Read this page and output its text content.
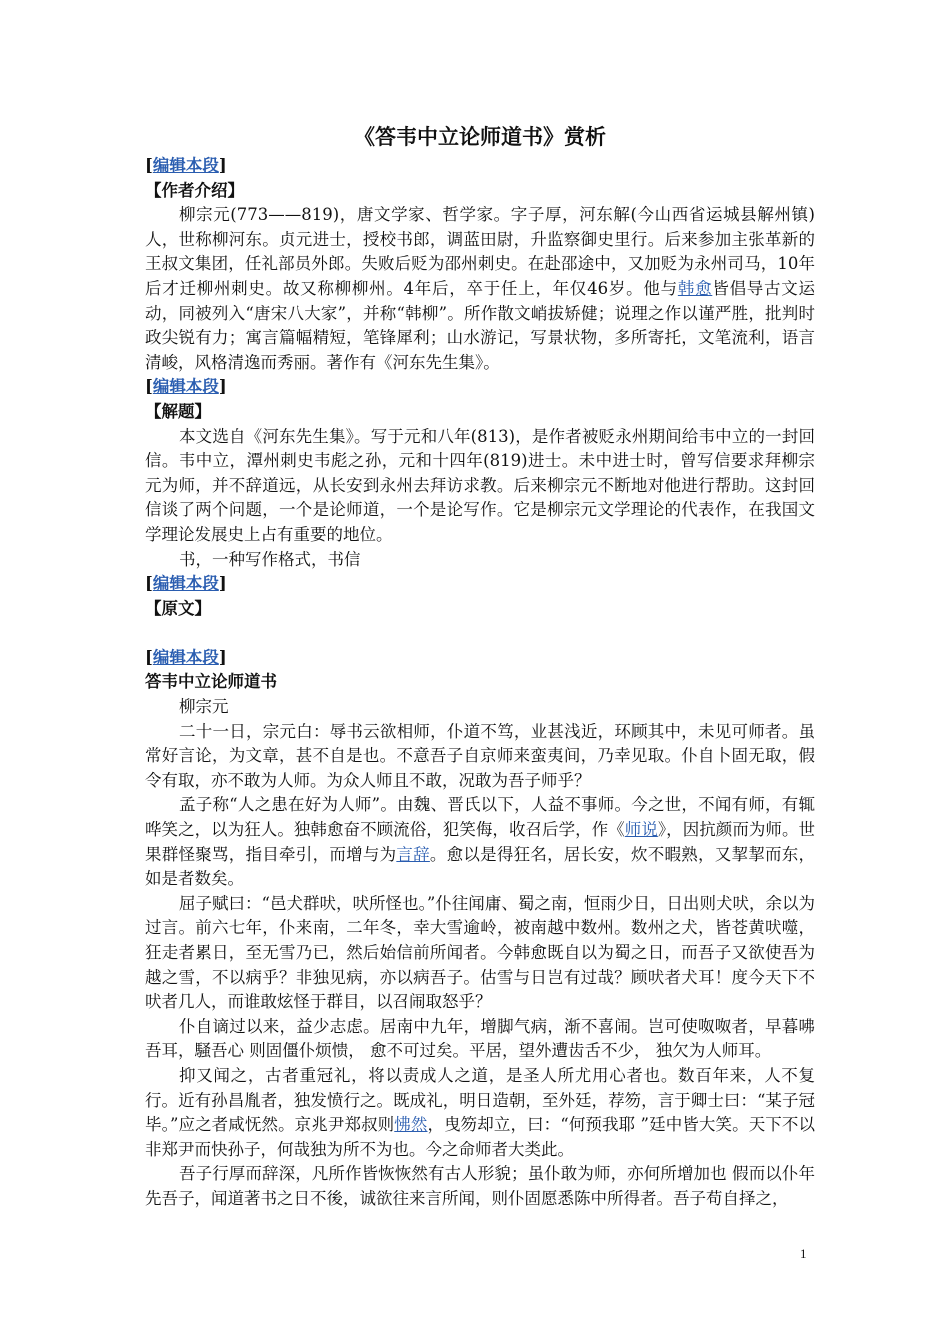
《答韦中立论师道书》赏析
[编辑本段]
【作者介绍】

柳宗元(773——819)，唐文学家、哲学家。字子厚，河东解(今山西省运城县解州镇)人，世称柳河东。贞元进士，授校书郎，调蓝田尉，升监察御史里行。后来参加主张革新的王叔文集团，任礼部员外郎。失败后贬为邵州刺史。在赴邵途中，又加贬为永州司马，10年后才迁柳州刺史。故又称柳柳州。4年后，卒于任上，年仅46岁。他与韩愈皆倡导古文运动，同被列入“唐宋八大家”，并称“韩柳”。所作散文峭拔矫健；说理之作以谨严胜，批判时政尖锐有力；寓言篇幅精短，笔锋犀利；山水游记，写景状物，多所寄托，文笔流利，语言清峻，风格清逸而秀丽。著作有《河东先生集》。

[编辑本段]
【解题】

本文选自《河东先生集》。写于元和八年(813)，是作者被贬永州期间给韦中立的一封回信。韦中立，潭州刺史韦彪之孙，元和十四年(819)进士。未中进士时，曾写信要求拜柳宗元为师，并不辞道远，从长安到永州去拜访求教。后来柳宗元不断地对他进行帮助。这封回信谈了两个问题，一个是论师道，一个是论写作。它是柳宗元文学理论的代表作，在我国文学理论发展史上占有重要的地位。

书，一种写作格式，书信

[编辑本段]
【原文】
[编辑本段]
答韦中立论师道书

柳宗元

二十一日，宗元白：辱书云欲相师，仆道不笃，业甚浅近，环顾其中，未见可师者。虽常好言论，为文章，甚不自是也。不意吾子自京师来蛮夷间，乃幸见取。仆自卜固无取，假令有取，亦不敢为人师。为众人师且不敢，况敢为吾子师乎？

孟子称“人之患在好为人师”。由魏、晋氏以下，人益不事师。今之世，不闻有师，有辄哗笑之，以为狂人。独韩愈奋不顾流俗，犯笑侮，收召后学，作《师说》，因抗颜而为师。世果群怪聚骂，指目牵引，而增与为言辞。愈以是得狂名，居长安，炊不暇熟，又挈挈而东，如是者数矣。

屈子赋曰：“邑犬群吠，吠所怪也。”仆往闻庸、蜀之南，恒雨少日，日出则犬吠，余以为过言。前六七年，仆来南，二年冬，幸大雪逾岭，被南越中数州。数州之犬，皆苍黄吠噬，狂走者累日，至无雪乃已，然后始信前所闻者。今韩愈既自以为蜀之日，而吾子又欲使吾为越之雪，不以病乎？非独见病，亦以病吾子。估雪与日岂有过哉？顾吠者犬耳！度今天下不吠者几人，而谁敢炫怪于群目，以召闹取怒乎？

仆自谪过以来，益少志虑。居南中九年，增脚气病，渐不喜闹。岂可使呶呶者，早暮咈吾耳，騒吾心 则固僵仆烦愦， 愈不可过矣。平居，望外遭齿舌不少， 独欠为人师耳。

抑又闻之，古者重冠礼，将以责成人之道，是圣人所尤用心者也。数百年来，人不复行。近有孙昌胤者，独发愤行之。既成礼，明日造朝，至外廷，荐笏，言于卿士曰：“某子冠毕。”应之者咸怃然。京兆尹郑叔则怫然，曳笏却立，曰：“何预我耶 ”廷中皆大笑。天下不以非郑尹而快孙子，何哉独为所不为也。今之命师者大类此。

吾子行厚而辞深，凡所作皆恢恢然有古人形貌；虽仆敢为师，亦何所增加也 假而以仆年先吾子，闻道著书之日不後，诚欲往来言所闻，则仆固愿悉陈中所得者。吾子苟自择之，

1
